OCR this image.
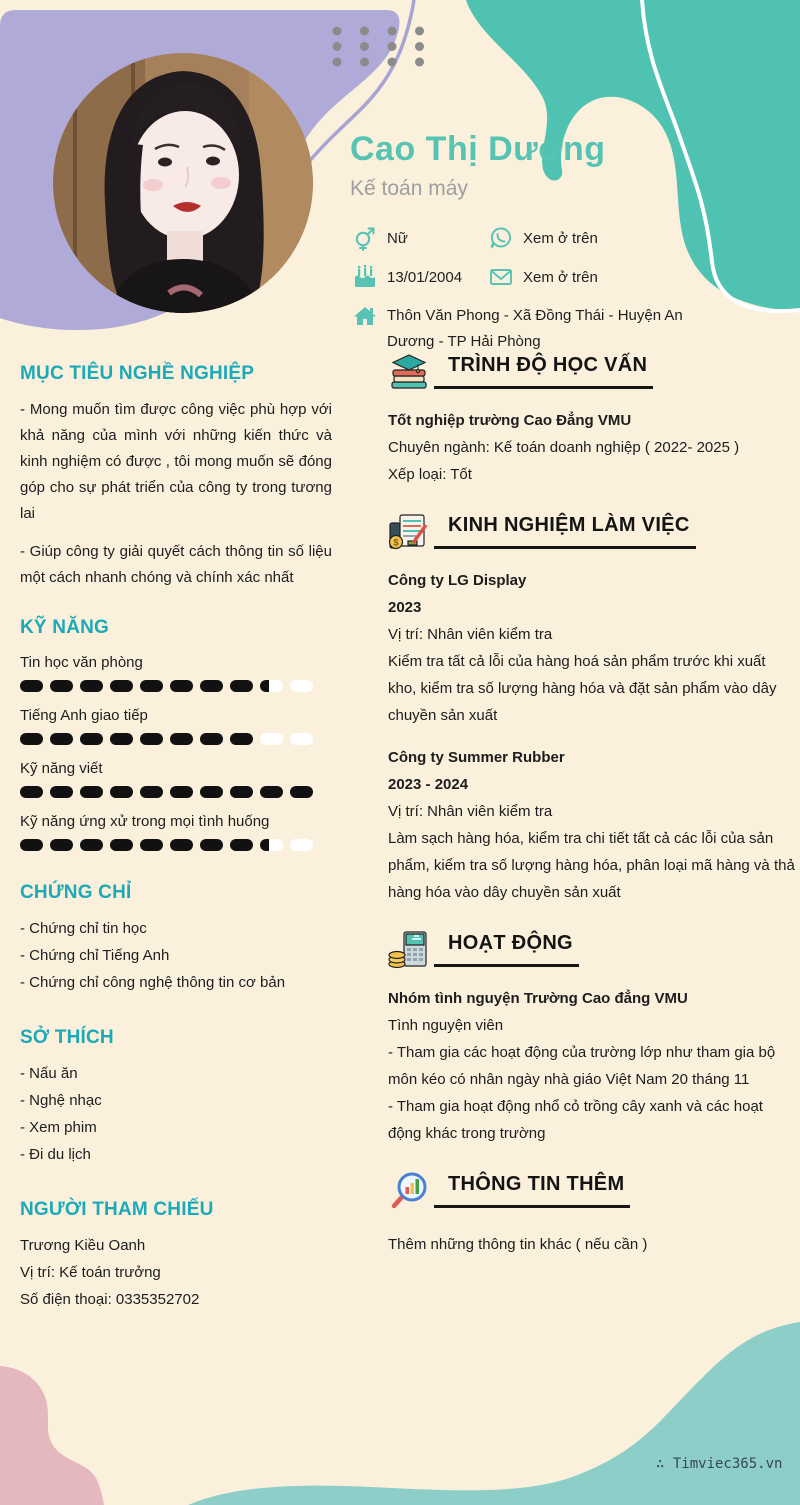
Cao Thị Dương
Kế toán máy
Nữ	Xem ở trên
13/01/2004	Xem ở trên
Thôn Văn Phong - Xã Đồng Thái - Huyện An
Dương - TP Hải Phòng
MỤC TIÊU NGHỀ NGHIỆP
- Mong muốn tìm được công việc phù hợp với khả năng của mình với những kiến thức và kinh nghiệm có được , tôi mong muốn sẽ đóng góp cho sự phát triển của công ty trong tương lai
- Giúp công ty giải quyết cách thông tin số liệu một cách nhanh chóng và chính xác nhất
KỸ NĂNG
Tin học văn phòng
Tiếng Anh giao tiếp
Kỹ năng viết
Kỹ năng ứng xử trong mọi tình huống
CHỨNG CHỈ
- Chứng chỉ tin học
- Chứng chỉ Tiếng Anh
- Chứng chỉ công nghệ thông tin cơ bản
SỞ THÍCH
- Nấu ăn
- Nghệ nhạc
- Xem phim
- Đi du lịch
NGƯỜI THAM CHIẾU
Trương Kiều Oanh
Vị trí: Kế toán trưởng
Số điện thoại: 0335352702
TRÌNH ĐỘ HỌC VẤN
Tốt nghiệp trường Cao Đẳng VMU
Chuyên ngành: Kế toán doanh nghiệp ( 2022- 2025 )
Xếp loại: Tốt
$
KINH NGHIỆM LÀM VIỆC
Công ty LG Display
2023
Vị trí: Nhân viên kiểm tra
Kiểm tra tất cả lỗi của hàng hoá sản phẩm trước khi xuất kho, kiểm tra số lượng hàng hóa và đặt sản phẩm vào dây chuyền sản xuất
Công ty Summer Rubber
2023 - 2024
Vị trí: Nhân viên kiểm tra
Làm sạch hàng hóa, kiểm tra chi tiết tất cả các lỗi của sản phẩm, kiểm tra số lượng hàng hóa, phân loại mã hàng và thả hàng hóa vào dây chuyền sản xuất
HOẠT ĐỘNG
Nhóm tình nguyện Trường Cao đẳng VMU
Tình nguyện viên
- Tham gia các hoạt động của trường lớp như tham gia bộ môn kéo có nhân ngày nhà giáo Việt Nam 20 tháng 11
- Tham gia hoạt động nhổ cỏ trồng cây xanh và các hoạt động khác trong trường
THÔNG TIN THÊM
Thêm những thông tin khác ( nếu cần )
∴ Timviec365.vn
